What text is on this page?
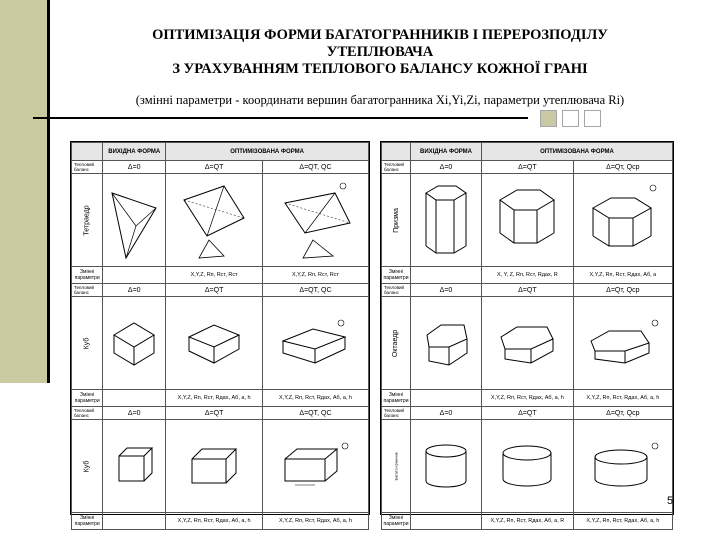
ОПТИМІЗАЦІЯ ФОРМИ БАГАТОГРАННИКІВ І ПЕРЕРОЗПОДІЛУ
УТЕПЛЮВАЧА
З УРАХУВАННЯМ ТЕПЛОВОГО БАЛАНСУ КОЖНОЇ ГРАНІ
(змінні параметри - координати вершин багатогранника Xi,Yi,Zi, параметри утеплювача Ri)
	ВИХІДНА ФОРМА	ОПТИМІЗОВАНА ФОРМА	
Тепловий баланс	Δ=0	Δ=QT	Δ=QT, QC
Тетраедр	

Змінні параметри		X,Y,Z, Rп, Rст, Rcт	X,Y,Z, Rп, Rст, Rcт
Тепловий баланс	Δ=0	Δ=QT	Δ=QT, QC
Куб	

Змінні параметри		X,Y,Z, Rп, Rст, Rдах, Aб, a, h	X,Y,Z, Rп, Rст, Rдах, Aб, a, h
Тепловий баланс	Δ=0	Δ=QT	Δ=QT, QC
Куб	

Змінні параметри		X,Y,Z, Rп, Rст, Rдах, Aб, a, h	X,Y,Z, Rп, Rст, Rдах, Aб, a, h
	ВИХІДНА ФОРМА	ОПТИМІЗОВАНА ФОРМА	
Тепловий баланс	Δ=0	Δ=QT	Δ=Qт, Qср
Призма	

Змінні параметри		X, Y, Z, Rп, Rст, Rдах, R	X,Y,Z, Rп, Rст, Rдах, Aб, a
Тепловий баланс	Δ=0	Δ=QT	Δ=Qт, Qср
Октаедр	

Змінні параметри		X,Y,Z, Rп, Rст, Rдах, Aб, a, h	X,Y,Z, Rп, Rст, Rдах, Aб, a, h
Тепловий баланс	Δ=0	Δ=QT	Δ=Qт, Qср
Багато-гранник	

Змінні параметри		X,Y,Z, Rп, Rст, Rдах, Aб, a, R	X,Y,Z, Rп, Rст, Rдах, Aб, a, h
5
